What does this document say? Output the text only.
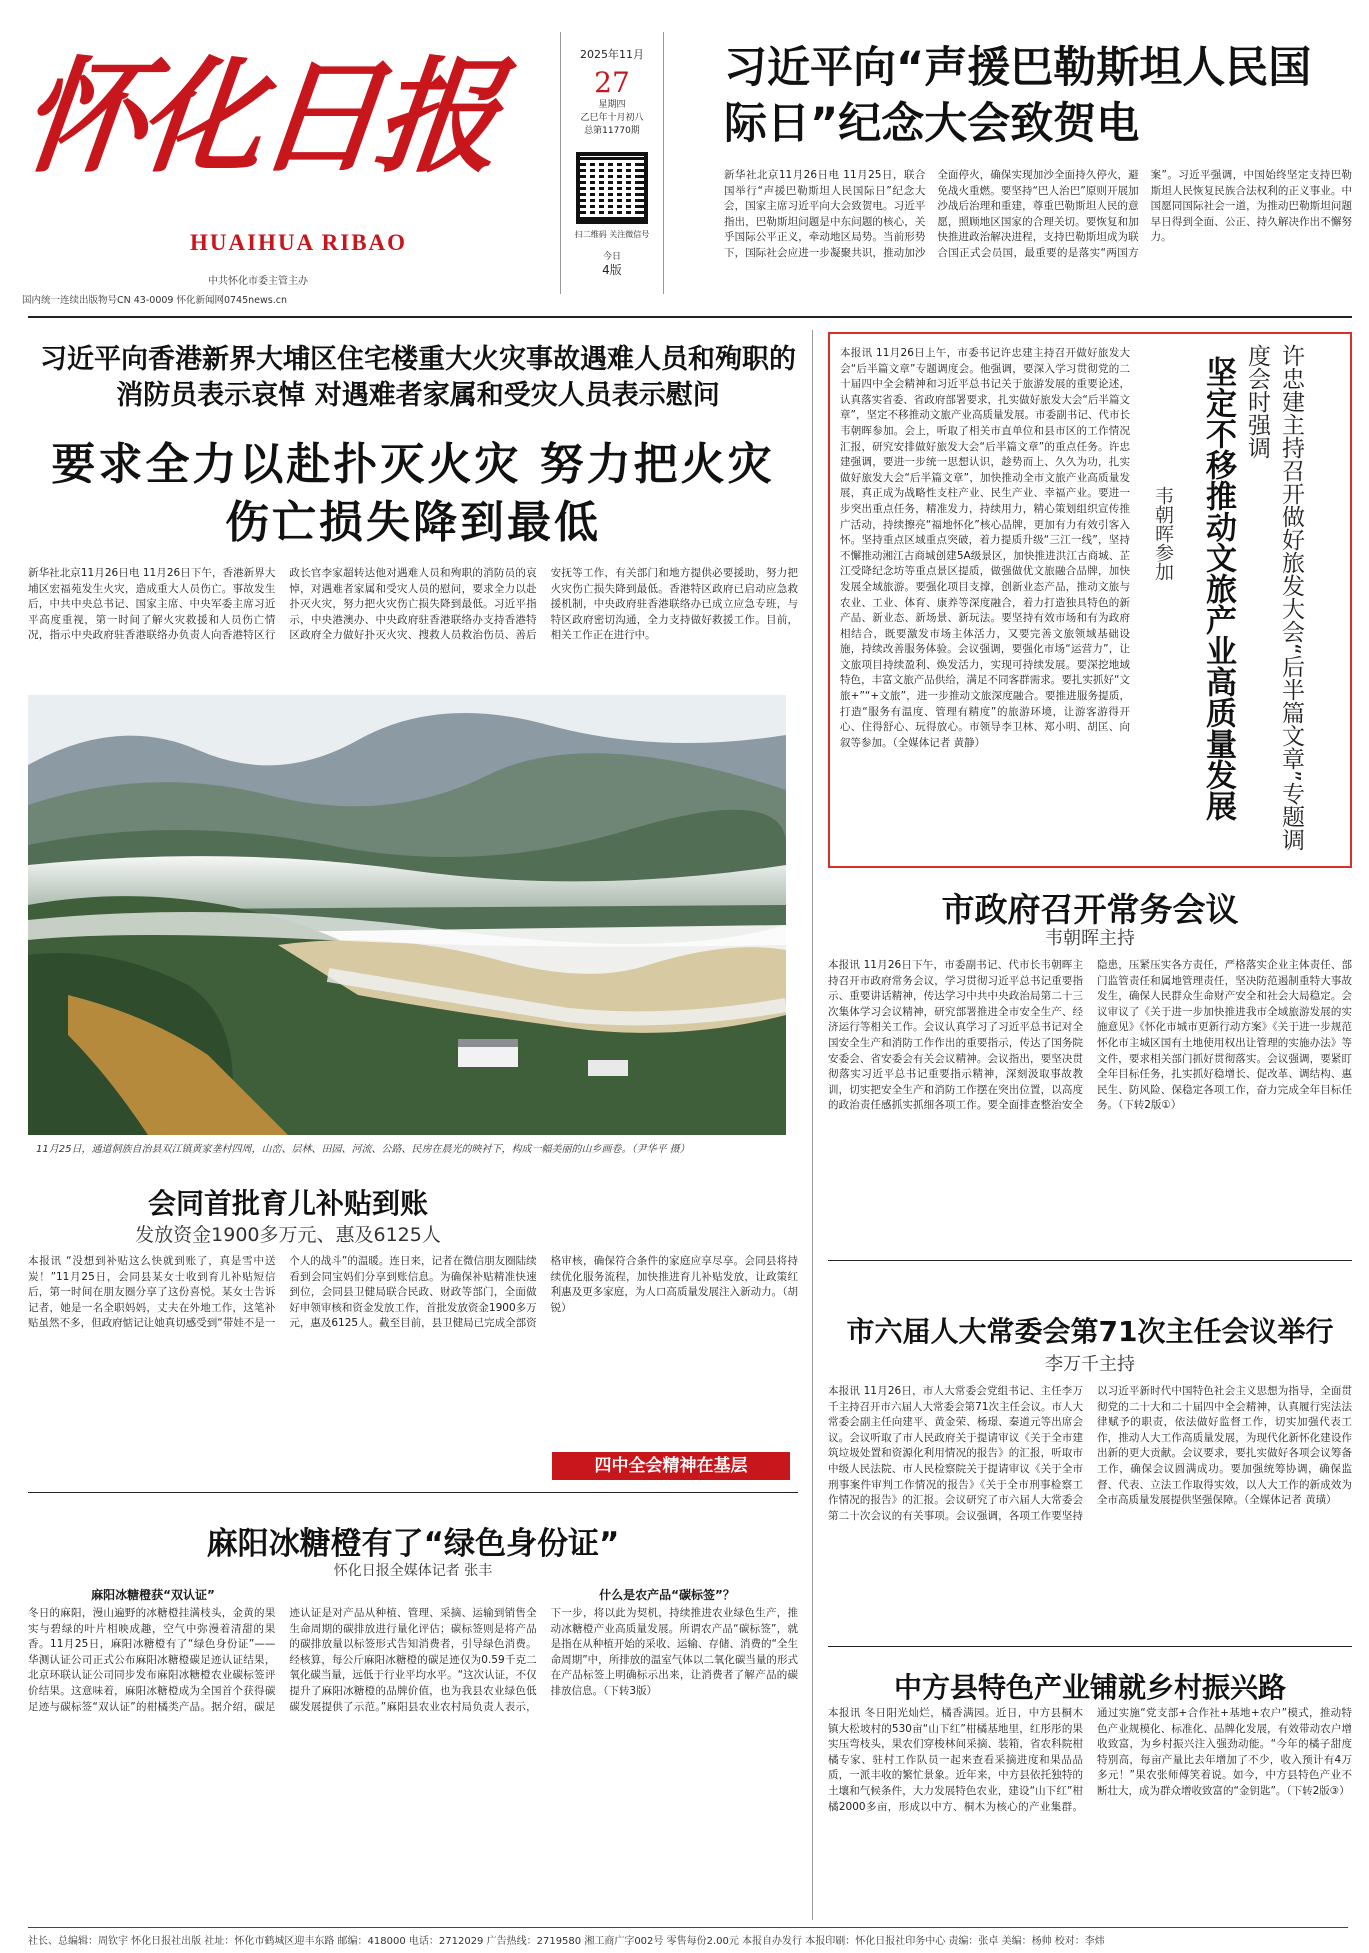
怀化日报
HUAIHUA RIBAO
中共怀化市委主管主办
国内统一连续出版物号CN 43-0009 怀化新闻网0745news.cn
2025年11月
27
星期四
乙巳年十月初八
总第11770期
扫二维码 关注微信号
今日
4版
习近平向“声援巴勒斯坦人民国际日”纪念大会致贺电
新华社北京11月26日电 11月25日，联合国举行“声援巴勒斯坦人民国际日”纪念大会，国家主席习近平向大会致贺电。习近平指出，巴勒斯坦问题是中东问题的核心，关乎国际公平正义，牵动地区局势。当前形势下，国际社会应进一步凝聚共识，推动加沙全面停火，确保实现加沙全面持久停火，避免战火重燃。要坚持“巴人治巴”原则开展加沙战后治理和重建，尊重巴勒斯坦人民的意愿，照顾地区国家的合理关切。要恢复和加快推进政治解决进程，支持巴勒斯坦成为联合国正式会员国，最重要的是落实“两国方案”。习近平强调，中国始终坚定支持巴勒斯坦人民恢复民族合法权利的正义事业。中国愿同国际社会一道，为推动巴勒斯坦问题早日得到全面、公正、持久解决作出不懈努力。
习近平向香港新界大埔区住宅楼重大火灾事故遇难人员和殉职的消防员表示哀悼 对遇难者家属和受灾人员表示慰问
要求全力以赴扑灭火灾 努力把火灾伤亡损失降到最低
新华社北京11月26日电 11月26日下午，香港新界大埔区宏福苑发生火灾，造成重大人员伤亡。事故发生后，中共中央总书记、国家主席、中央军委主席习近平高度重视，第一时间了解火灾救援和人员伤亡情况，指示中央政府驻香港联络办负责人向香港特区行政长官李家超转达他对遇难人员和殉职的消防员的哀悼，对遇难者家属和受灾人员的慰问，要求全力以赴扑灭火灾，努力把火灾伤亡损失降到最低。习近平指示，中央港澳办、中央政府驻香港联络办支持香港特区政府全力做好扑灭火灾、搜救人员救治伤员、善后安抚等工作，有关部门和地方提供必要援助，努力把火灾伤亡损失降到最低。香港特区政府已启动应急救援机制，中央政府驻香港联络办已成立应急专班，与特区政府密切沟通，全力支持做好救援工作。目前，相关工作正在进行中。
11月25日，通道侗族自治县双江镇黄家垄村四周，山峦、层林、田园、河流、公路、民房在晨光的映衬下，构成一幅美丽的山乡画卷。（尹华平 摄）
本报讯 11月26日上午，市委书记许忠建主持召开做好旅发大会“后半篇文章”专题调度会。他强调，要深入学习贯彻党的二十届四中全会精神和习近平总书记关于旅游发展的重要论述，认真落实省委、省政府部署要求，扎实做好旅发大会“后半篇文章”，坚定不移推动文旅产业高质量发展。市委副书记、代市长韦朝晖参加。会上，听取了相关市直单位和县市区的工作情况汇报，研究安排做好旅发大会“后半篇文章”的重点任务。许忠建强调，要进一步统一思想认识，趁势而上、久久为功，扎实做好旅发大会“后半篇文章”，加快推动全市文旅产业高质量发展，真正成为战略性支柱产业、民生产业、幸福产业。要进一步突出重点任务，精准发力，持续用力，精心策划组织宣传推广活动，持续擦亮“福地怀化”核心品牌，更加有力有效引客入怀。坚持重点区域重点突破，着力提质升级“三江一线”，坚持不懈推动湘江古商城创建5A级景区，加快推进洪江古商城、芷江受降纪念坊等重点景区提质，做强做优文旅融合品牌，加快发展全域旅游。要强化项目支撑，创新业态产品，推动文旅与农业、工业、体育、康养等深度融合，着力打造独具特色的新产品、新业态、新场景、新玩法。要坚持有效市场和有为政府相结合，既要激发市场主体活力，又要完善文旅领域基础设施，持续改善服务体验。会议强调，要强化市场“运营力”，让文旅项目持续盈利、焕发活力，实现可持续发展。要深挖地域特色，丰富文旅产品供给，满足不同客群需求。要扎实抓好“文旅+”“+文旅”，进一步推动文旅深度融合。要推进服务提质，打造“服务有温度、管理有精度”的旅游环境，让游客游得开心、住得舒心、玩得放心。市领导李卫林、郑小明、胡匡、向叙等参加。（全媒体记者 黄静）	坚定不移推动文旅产业高质量发展	许忠建主持召开做好旅发大会“后半篇文章”专题调度会时强调
韦朝晖参加
市政府召开常务会议
韦朝晖主持
本报讯 11月26日下午，市委副书记、代市长韦朝晖主持召开市政府常务会议，学习贯彻习近平总书记重要指示、重要讲话精神，传达学习中共中央政治局第二十三次集体学习会议精神，研究部署推进全市安全生产、经济运行等相关工作。会议认真学习了习近平总书记对全国安全生产和消防工作作出的重要指示，传达了国务院安委会、省安委会有关会议精神。会议指出，要坚决贯彻落实习近平总书记重要指示精神，深刻汲取事故教训，切实把安全生产和消防工作摆在突出位置，以高度的政治责任感抓实抓细各项工作。要全面排查整治安全隐患，压紧压实各方责任，严格落实企业主体责任、部门监管责任和属地管理责任，坚决防范遏制重特大事故发生，确保人民群众生命财产安全和社会大局稳定。会议审议了《关于进一步加快推进我市全域旅游发展的实施意见》《怀化市城市更新行动方案》《关于进一步规范怀化市主城区国有土地使用权出让管理的实施办法》等文件，要求相关部门抓好贯彻落实。会议强调，要紧盯全年目标任务，扎实抓好稳增长、促改革、调结构、惠民生、防风险、保稳定各项工作，奋力完成全年目标任务。（下转2版①）
市六届人大常委会第71次主任会议举行
李万千主持
本报讯 11月26日，市人大常委会党组书记、主任李万千主持召开市六届人大常委会第71次主任会议。市人大常委会副主任向建平、黄金荣、杨璟、秦道元等出席会议。会议听取了市人民政府关于提请审议《关于全市建筑垃圾处置和资源化利用情况的报告》的汇报，听取市中级人民法院、市人民检察院关于提请审议《关于全市刑事案件审判工作情况的报告》《关于全市刑事检察工作情况的报告》的汇报。会议研究了市六届人大常委会第二十次会议的有关事项。会议强调，各项工作要坚持以习近平新时代中国特色社会主义思想为指导，全面贯彻党的二十大和二十届四中全会精神，认真履行宪法法律赋予的职责，依法做好监督工作，切实加强代表工作，推动人大工作高质量发展，为现代化新怀化建设作出新的更大贡献。会议要求，要扎实做好各项会议筹备工作，确保会议圆满成功。要加强统筹协调，确保监督、代表、立法工作取得实效，以人大工作的新成效为全市高质量发展提供坚强保障。（全媒体记者 黄璜）
中方县特色产业铺就乡村振兴路
本报讯 冬日阳光灿烂，橘香满园。近日，中方县桐木镇大松坡村的530亩“山下红”柑橘基地里，红彤彤的果实压弯枝头，果农们穿梭林间采摘、装箱，省农科院柑橘专家、驻村工作队员一起来查看采摘进度和果品品质，一派丰收的繁忙景象。近年来，中方县依托独特的土壤和气候条件，大力发展特色农业，建设“山下红”柑橘2000多亩，形成以中方、桐木为核心的产业集群。通过实施“党支部+合作社+基地+农户”模式，推动特色产业规模化、标准化、品牌化发展，有效带动农户增收致富，为乡村振兴注入强劲动能。“今年的橘子甜度特别高，每亩产量比去年增加了不少，收入预计有4万多元！”果农张师傅笑着说。如今，中方县特色产业不断壮大，成为群众增收致富的“金钥匙”。（下转2版③）
会同首批育儿补贴到账
发放资金1900多万元、惠及6125人
本报讯 “没想到补贴这么快就到账了，真是雪中送炭！”11月25日，会同县某女士收到育儿补贴短信后，第一时间在朋友圈分享了这份喜悦。某女士告诉记者，她是一名全职妈妈，丈夫在外地工作，这笔补贴虽然不多，但政府惦记让她真切感受到“带娃不是一个人的战斗”的温暖。连日来，记者在微信朋友圈陆续看到会同宝妈们分享到账信息。为确保补贴精准快速到位，会同县卫健局联合民政、财政等部门，全面做好申领审核和资金发放工作，首批发放资金1900多万元，惠及6125人。截至目前，县卫健局已完成全部资格审核，确保符合条件的家庭应享尽享。会同县将持续优化服务流程，加快推进育儿补贴发放，让政策红利惠及更多家庭，为人口高质量发展注入新动力。（胡锐）
四中全会精神在基层
麻阳冰糖橙有了“绿色身份证”
怀化日报全媒体记者 张丰
麻阳冰糖橙获“双认证”	什么是农产品“碳标签”？
冬日的麻阳，漫山遍野的冰糖橙挂满枝头，金黄的果实与碧绿的叶片相映成趣，空气中弥漫着清甜的果香。11月25日，麻阳冰糖橙有了“绿色身份证”——华测认证公司正式公布麻阳冰糖橙碳足迹认证结果，北京环联认证公司同步发布麻阳冰糖橙农业碳标签评价结果。这意味着，麻阳冰糖橙成为全国首个获得碳足迹与碳标签“双认证”的柑橘类产品。据介绍，碳足迹认证是对产品从种植、管理、采摘、运输到销售全生命周期的碳排放进行量化评估；碳标签则是将产品的碳排放量以标签形式告知消费者，引导绿色消费。经核算，每公斤麻阳冰糖橙的碳足迹仅为0.59千克二氧化碳当量，远低于行业平均水平。“这次认证，不仅提升了麻阳冰糖橙的品牌价值，也为我县农业绿色低碳发展提供了示范。”麻阳县农业农村局负责人表示，下一步，将以此为契机，持续推进农业绿色生产，推动冰糖橙产业高质量发展。所谓农产品“碳标签”，就是指在从种植开始的采收、运输、存储、消费的“全生命周期”中，所排放的温室气体以二氧化碳当量的形式在产品标签上明确标示出来，让消费者了解产品的碳排放信息。（下转3版）
社长、总编辑：周钦宇 怀化日报社出版 社址：怀化市鹤城区迎丰东路 邮编：418000 电话：2712029 广告热线：2719580 湘工商广字002号 零售每份2.00元 本报自办发行 本报印刷：怀化日报社印务中心 责编：张卓 美编：杨帅 校对：李炜
